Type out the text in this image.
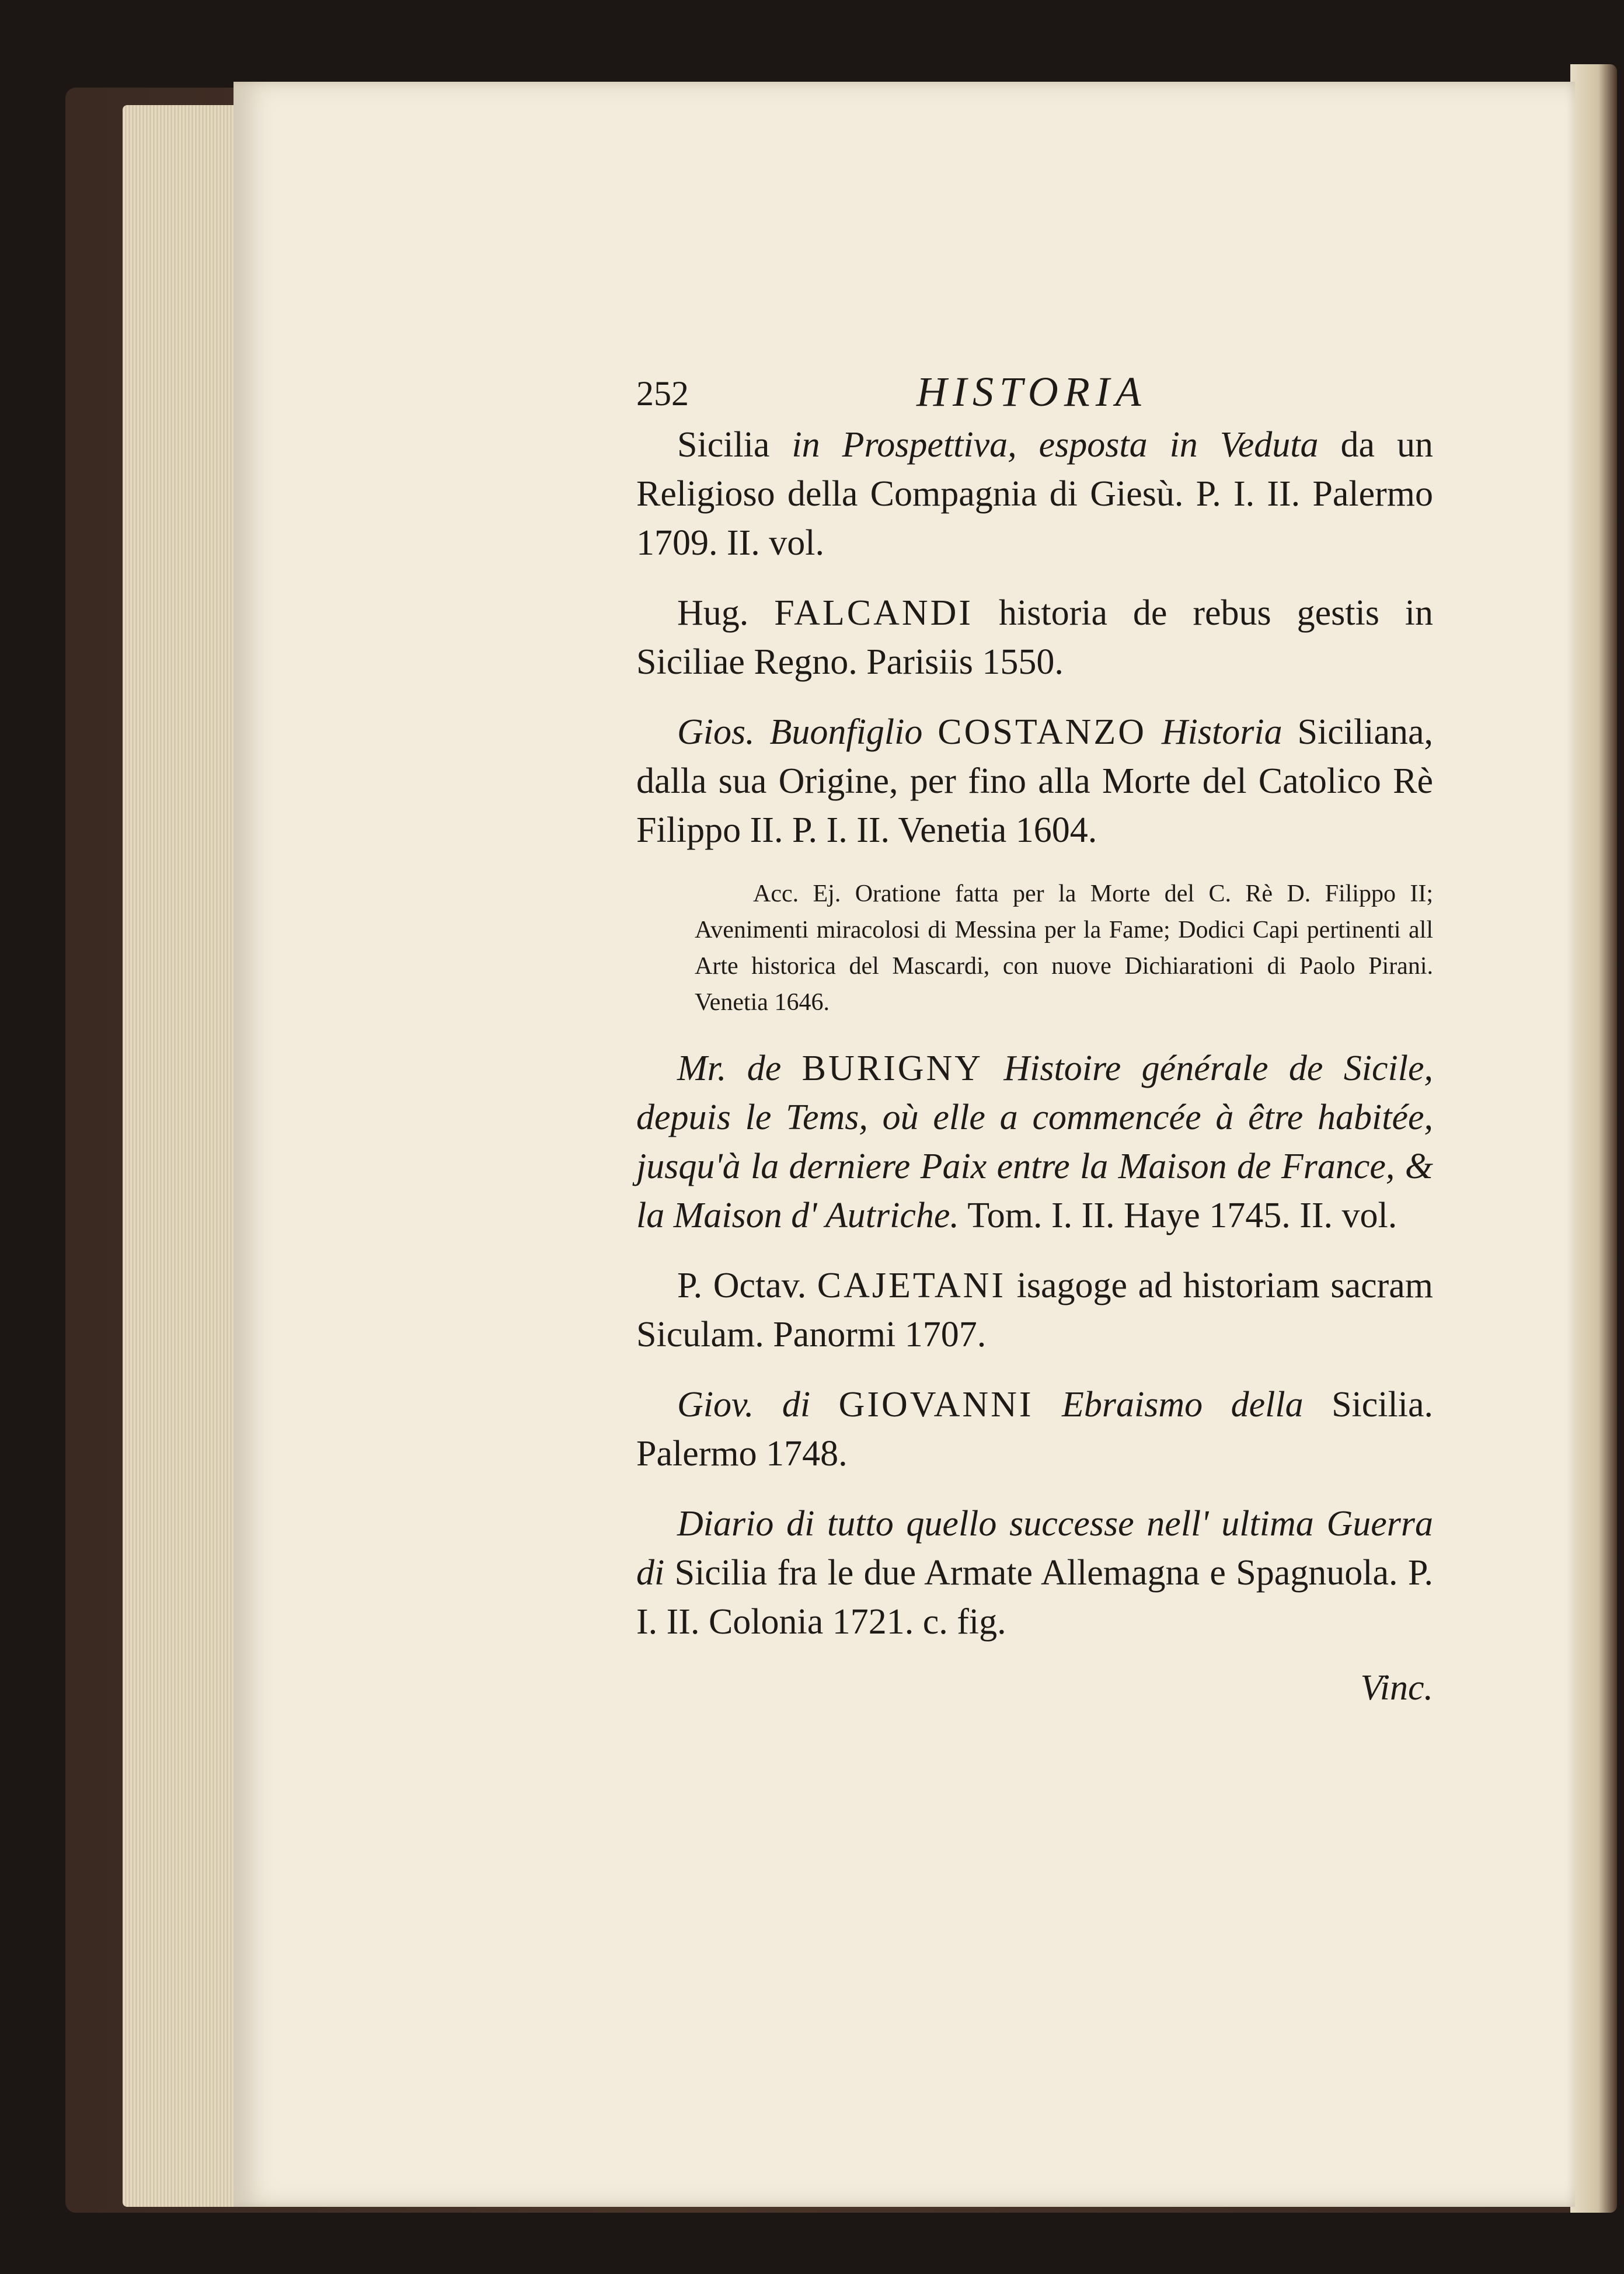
252	HISTORIA

Sicilia in Prospettiva, esposta in Veduta da un Religioso della Compagnia di Giesù. P. I. II. Palermo 1709. II. vol.

Hug. FALCANDI historia de rebus gestis in Siciliae Regno. Parisiis 1550.

Gios. Buonfiglio COSTANZO Historia Siciliana, dalla sua Origine, per fino alla Morte del Catolico Rè Filippo II. P. I. II. Venetia 1604.

Acc. Ej. Oratione fatta per la Morte del C. Rè D. Filippo II; Avenimenti miracolosi di Messina per la Fame; Dodici Capi pertinenti all Arte historica del Mascardi, con nuove Dichiarationi di Paolo Pirani. Venetia 1646.

Mr. de BURIGNY Histoire générale de Sicile, depuis le Tems, où elle a commencée à être habitée, jusqu'à la derniere Paix entre la Maison de France, & la Maison d' Autriche. Tom. I. II. Haye 1745. II. vol.

P. Octav. CAJETANI isagoge ad historiam sacram Siculam. Panormi 1707.

Giov. di GIOVANNI Ebraismo della Sicilia. Palermo 1748.

Diario di tutto quello successe nell' ultima Guerra di Sicilia fra le due Armate Allemagna e Spagnuola. P. I. II. Colonia 1721. c. fig.

Vinc.
